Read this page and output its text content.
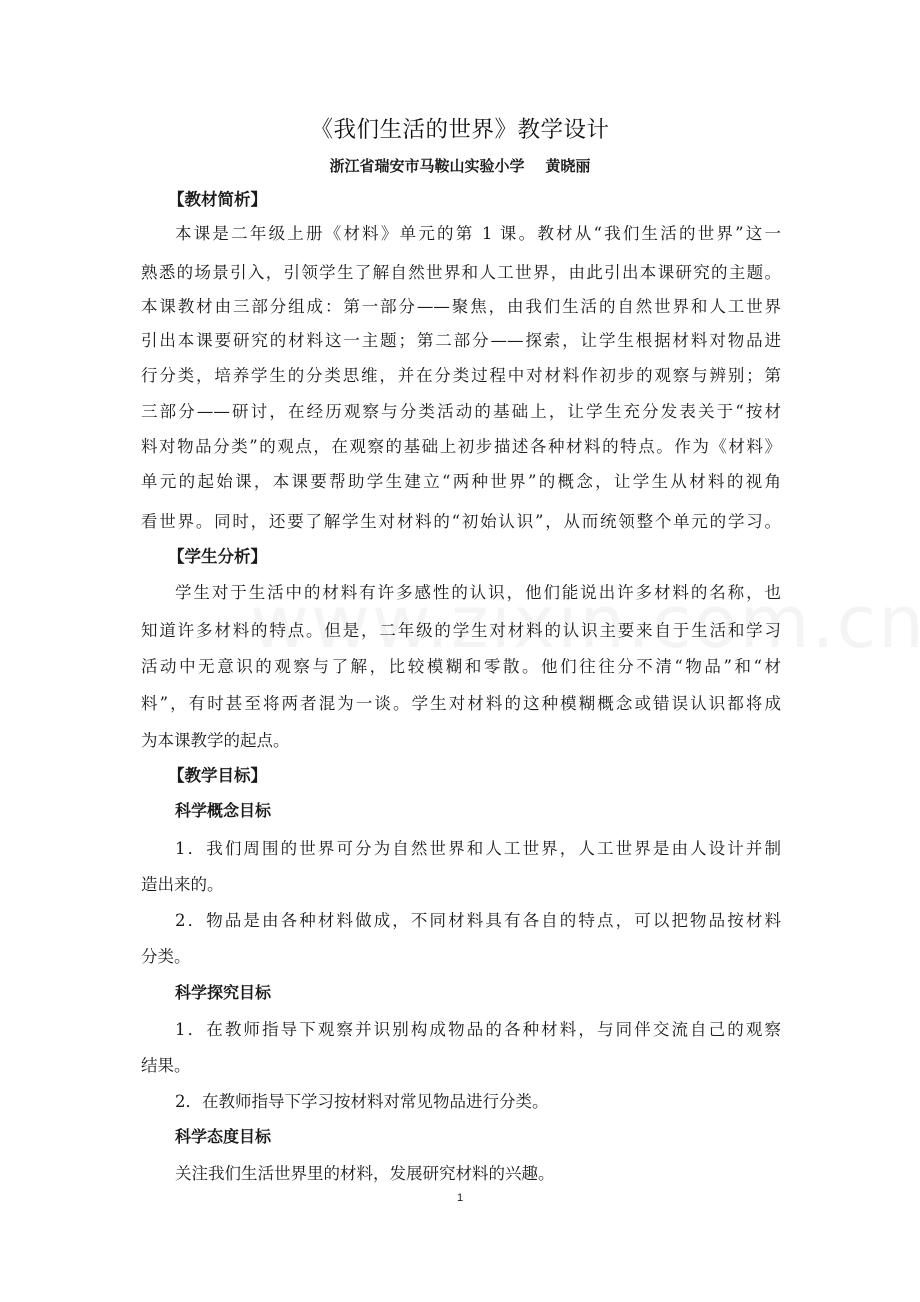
《我们生活的世界》教学设计
浙江省瑞安市马鞍山实验小学    黄晓丽
【教材简析】
本课是二年级上册《材料》单元的第 1 课。教材从“我们生活的世界”这一
熟悉的场景引入，引领学生了解自然世界和人工世界，由此引出本课研究的主题。
本课教材由三部分组成：第一部分——聚焦，由我们生活的自然世界和人工世界
引出本课要研究的材料这一主题；第二部分——探索，让学生根据材料对物品进
行分类，培养学生的分类思维，并在分类过程中对材料作初步的观察与辨别；第
三部分——研讨，在经历观察与分类活动的基础上，让学生充分发表关于“按材
料对物品分类”的观点，在观察的基础上初步描述各种材料的特点。作为《材料》
单元的起始课，本课要帮助学生建立“两种世界”的概念，让学生从材料的视角
看世界。同时，还要了解学生对材料的“初始认识”，从而统领整个单元的学习。
【学生分析】
学生对于生活中的材料有许多感性的认识，他们能说出许多材料的名称，也
知道许多材料的特点。但是，二年级的学生对材料的认识主要来自于生活和学习
活动中无意识的观察与了解，比较模糊和零散。他们往往分不清“物品”和“材
料”，有时甚至将两者混为一谈。学生对材料的这种模糊概念或错误认识都将成
为本课教学的起点。
【教学目标】
科学概念目标
1．我们周围的世界可分为自然世界和人工世界，人工世界是由人设计并制
造出来的。
2．物品是由各种材料做成，不同材料具有各自的特点，可以把物品按材料
分类。
科学探究目标
1．在教师指导下观察并识别构成物品的各种材料，与同伴交流自己的观察
结果。
2．在教师指导下学习按材料对常见物品进行分类。
科学态度目标
关注我们生活世界里的材料，发展研究材料的兴趣。
1
